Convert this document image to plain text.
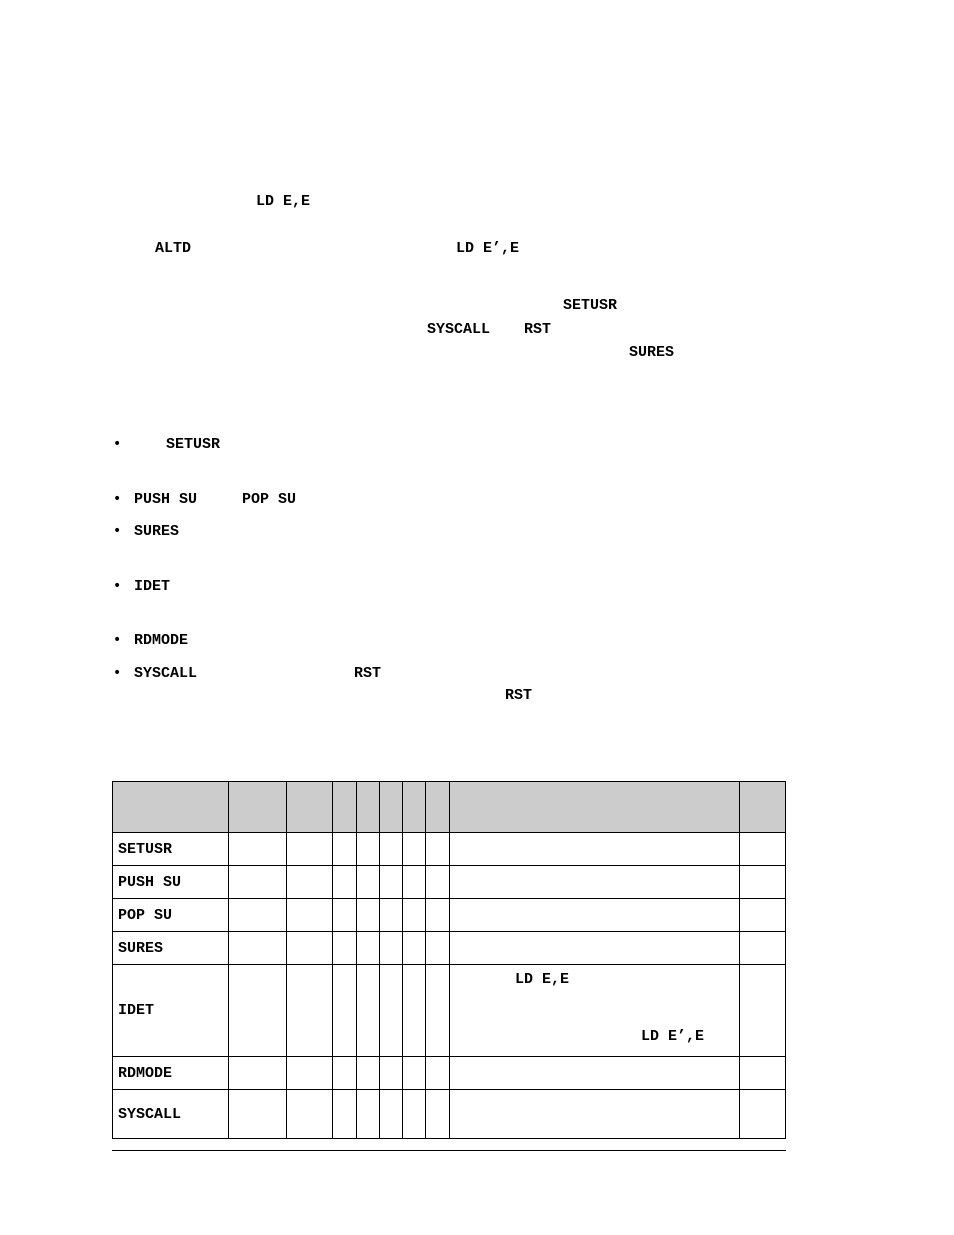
LD E,E
ALTD	LD E’,E
SETUSR
SYSCALL RST
SURES
•	SETUSR
• PUSH SU	POP SU
• SURES
• IDET
• RDMODE
• SYSCALL	RST
RST

SETUSR									

PUSH SU									

POP SU									

SURES									

IDET								LD E,E
LD E’,E	

RDMODE									

SYSCALL									
